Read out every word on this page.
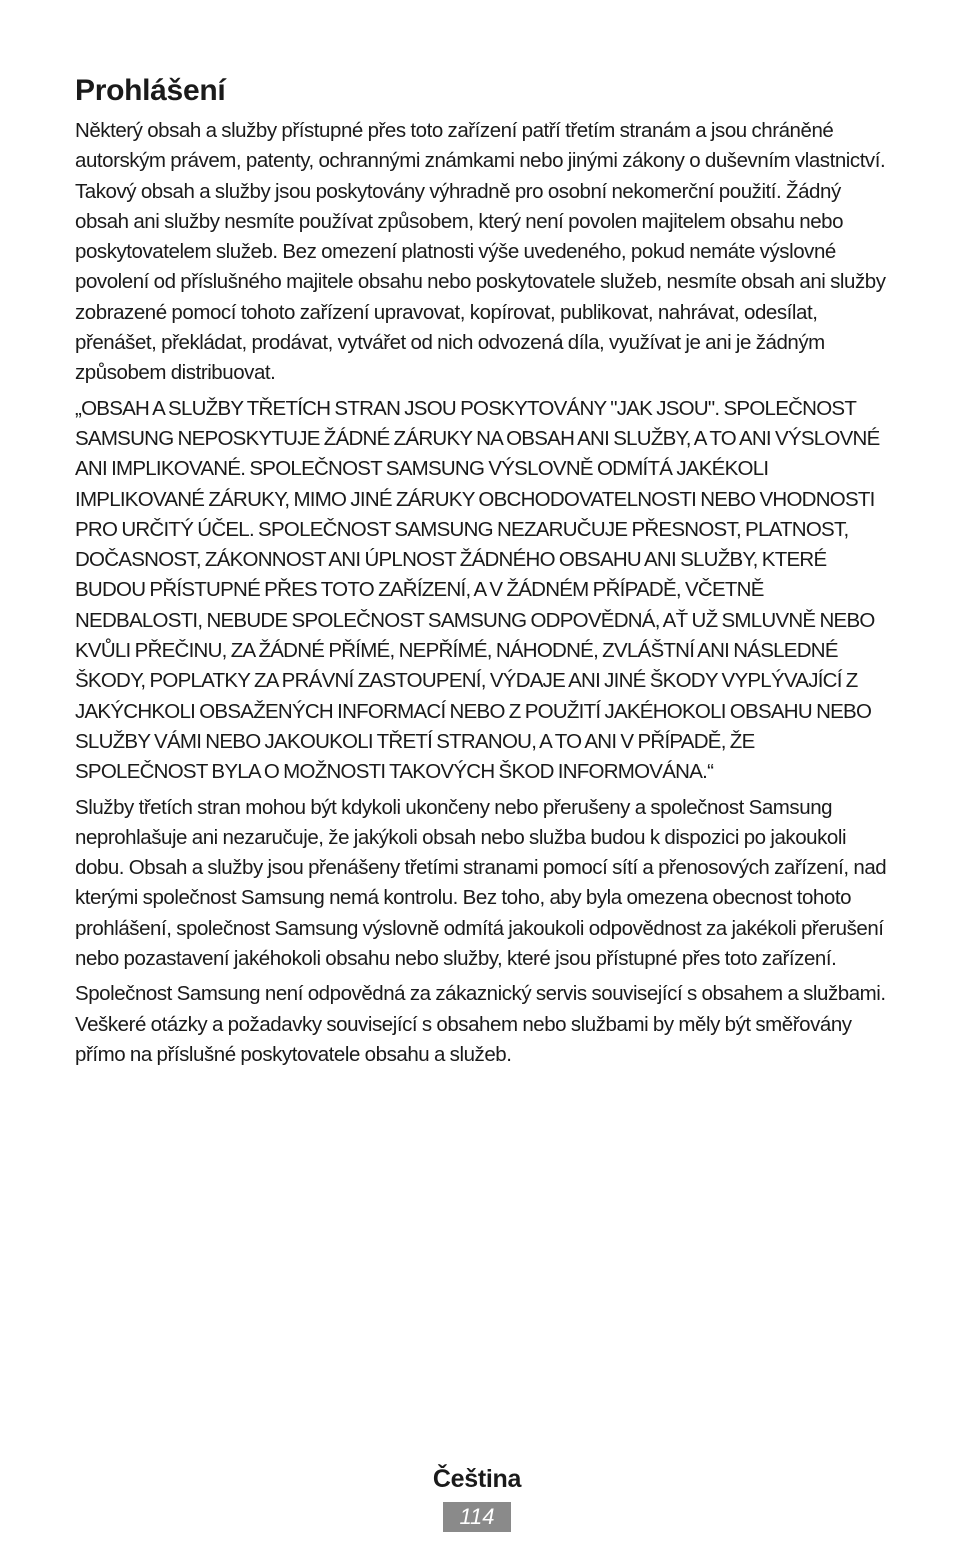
Prohlášení

Některý obsah a služby přístupné přes toto zařízení patří třetím stranám a jsou chráněné autorským právem, patenty, ochrannými známkami nebo jinými zákony o duševním vlastnictví. Takový obsah a služby jsou poskytovány výhradně pro osobní nekomerční použití. Žádný obsah ani služby nesmíte používat způsobem, který není povolen majitelem obsahu nebo poskytovatelem služeb. Bez omezení platnosti výše uvedeného, pokud nemáte výslovné povolení od příslušného majitele obsahu nebo poskytovatele služeb, nesmíte obsah ani služby zobrazené pomocí tohoto zařízení upravovat, kopírovat, publikovat, nahrávat, odesílat, přenášet, překládat, prodávat, vytvářet od nich odvozená díla, využívat je ani je žádným způsobem distribuovat.

„OBSAH A SLUŽBY TŘETÍCH STRAN JSOU POSKYTOVÁNY "JAK JSOU". SPOLEČNOST SAMSUNG NEPOSKYTUJE ŽÁDNÉ ZÁRUKY NA OBSAH ANI SLUŽBY, A TO ANI VÝSLOVNÉ ANI IMPLIKOVANÉ. SPOLEČNOST SAMSUNG VÝSLOVNĚ ODMÍTÁ JAKÉKOLI IMPLIKOVANÉ ZÁRUKY, MIMO JINÉ ZÁRUKY OBCHODOVATELNOSTI NEBO VHODNOSTI PRO URČITÝ ÚČEL. SPOLEČNOST SAMSUNG NEZARUČUJE PŘESNOST, PLATNOST, DOČASNOST, ZÁKONNOST ANI ÚPLNOST ŽÁDNÉHO OBSAHU ANI SLUŽBY, KTERÉ BUDOU PŘÍSTUPNÉ PŘES TOTO ZAŘÍZENÍ, A V ŽÁDNÉM PŘÍPADĚ, VČETNĚ NEDBALOSTI, NEBUDE SPOLEČNOST SAMSUNG ODPOVĚDNÁ, AŤ UŽ SMLUVNĚ NEBO KVŮLI PŘEČINU, ZA ŽÁDNÉ PŘÍMÉ, NEPŘÍMÉ, NÁHODNÉ, ZVLÁŠTNÍ ANI NÁSLEDNÉ ŠKODY, POPLATKY ZA PRÁVNÍ ZASTOUPENÍ, VÝDAJE ANI JINÉ ŠKODY VYPLÝVAJÍCÍ Z JAKÝCHKOLI OBSAŽENÝCH INFORMACÍ NEBO Z POUŽITÍ JAKÉHOKOLI OBSAHU NEBO SLUŽBY VÁMI NEBO JAKOUKOLI TŘETÍ STRANOU, A TO ANI V PŘÍPADĚ, ŽE SPOLEČNOST BYLA O MOŽNOSTI TAKOVÝCH ŠKOD INFORMOVÁNA.“

Služby třetích stran mohou být kdykoli ukončeny nebo přerušeny a společnost Samsung neprohlašuje ani nezaručuje, že jakýkoli obsah nebo služba budou k dispozici po jakoukoli dobu. Obsah a služby jsou přenášeny třetími stranami pomocí sítí a přenosových zařízení, nad kterými společnost Samsung nemá kontrolu. Bez toho, aby byla omezena obecnost tohoto prohlášení, společnost Samsung výslovně odmítá jakoukoli odpovědnost za jakékoli přerušení nebo pozastavení jakéhokoli obsahu nebo služby, které jsou přístupné přes toto zařízení.

Společnost Samsung není odpovědná za zákaznický servis související s obsahem a službami. Veškeré otázky a požadavky související s obsahem nebo službami by měly být směřovány přímo na příslušné poskytovatele obsahu a služeb.

Čeština
114
